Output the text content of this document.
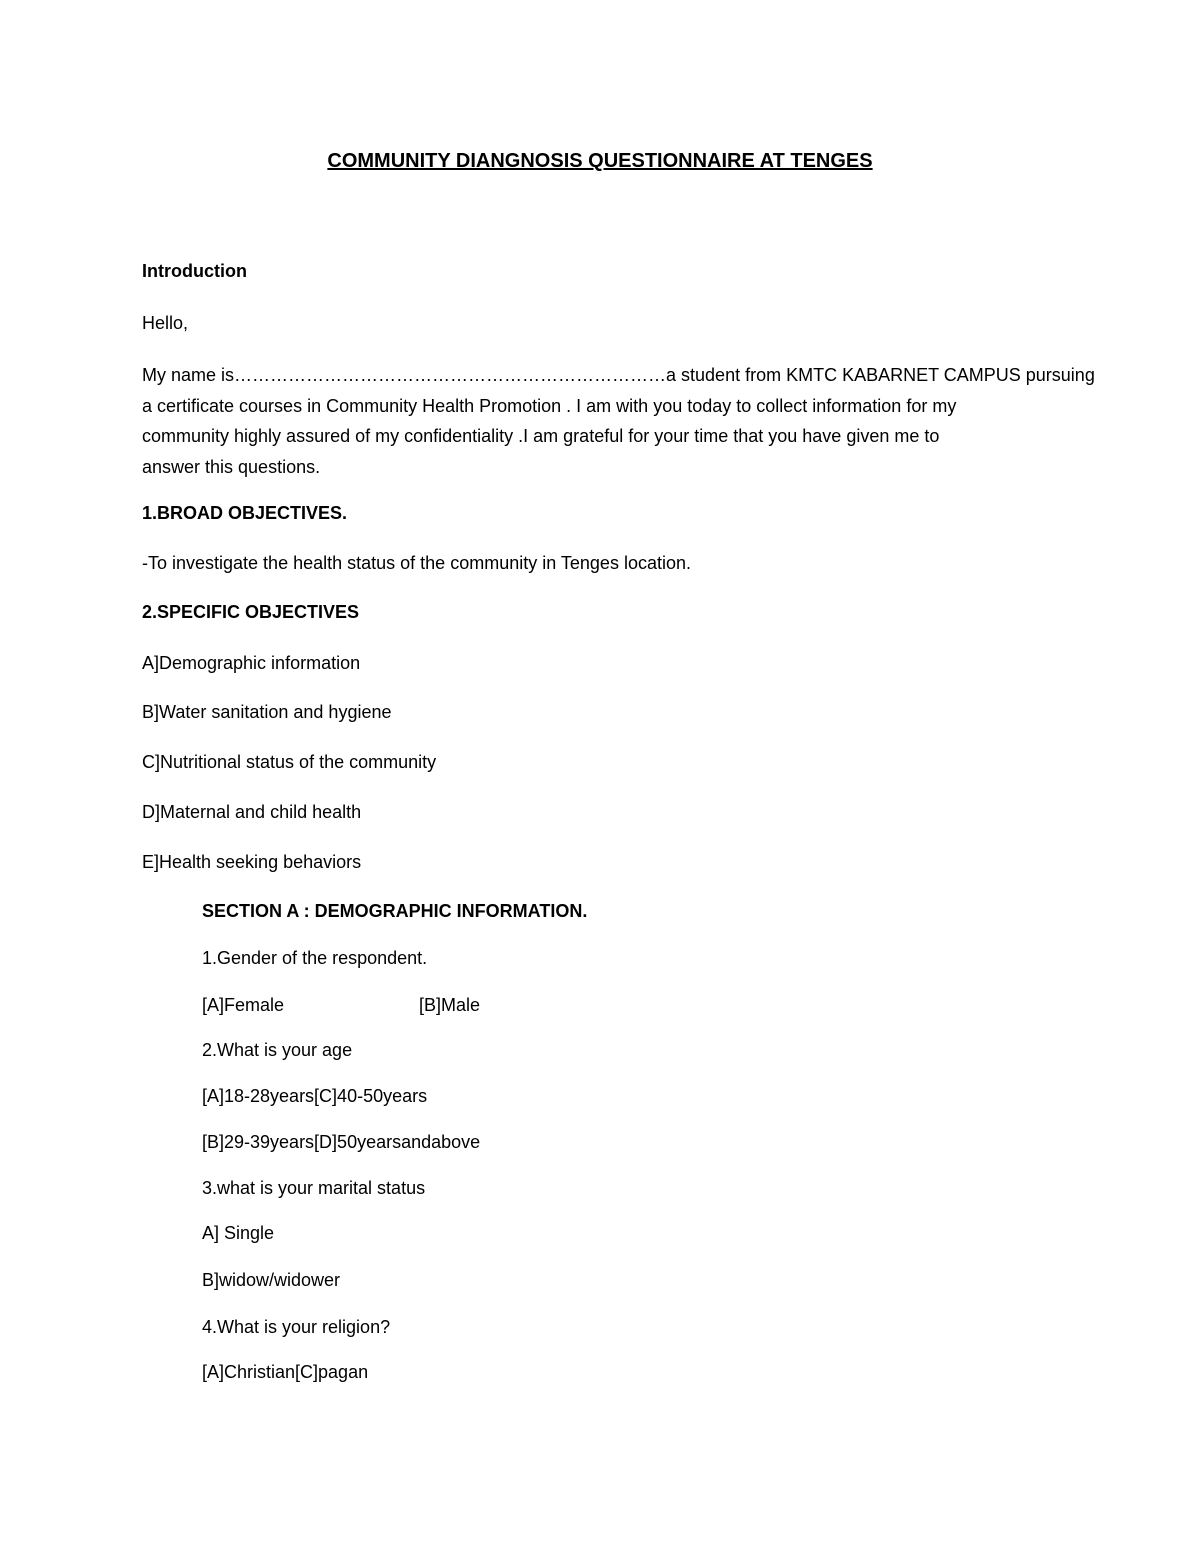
COMMUNITY DIANGNOSIS QUESTIONNAIRE AT TENGES
Introduction
Hello,
My name is………………………………………………………………a student from KMTC KABARNET CAMPUS pursuing
a certificate courses in Community Health Promotion . I am with you today to collect information for my
community highly assured of my confidentiality .I am grateful for your time that you have given me to
answer this questions.
1.BROAD OBJECTIVES.
-To investigate the health status of the community in Tenges location.
2.SPECIFIC OBJECTIVES
A]Demographic information
B]Water sanitation and hygiene
C]Nutritional status of the community
D]Maternal and child health
E]Health seeking behaviors
SECTION A : DEMOGRAPHIC INFORMATION.
1.Gender of the respondent.
[A]Female	[B]Male
2.What is your age
[A]18-28years[C]40-50years
[B]29-39years[D]50yearsandabove
3.what is your marital status
A] Single
B]widow/widower
4.What is your religion?
[A]Christian[C]pagan
